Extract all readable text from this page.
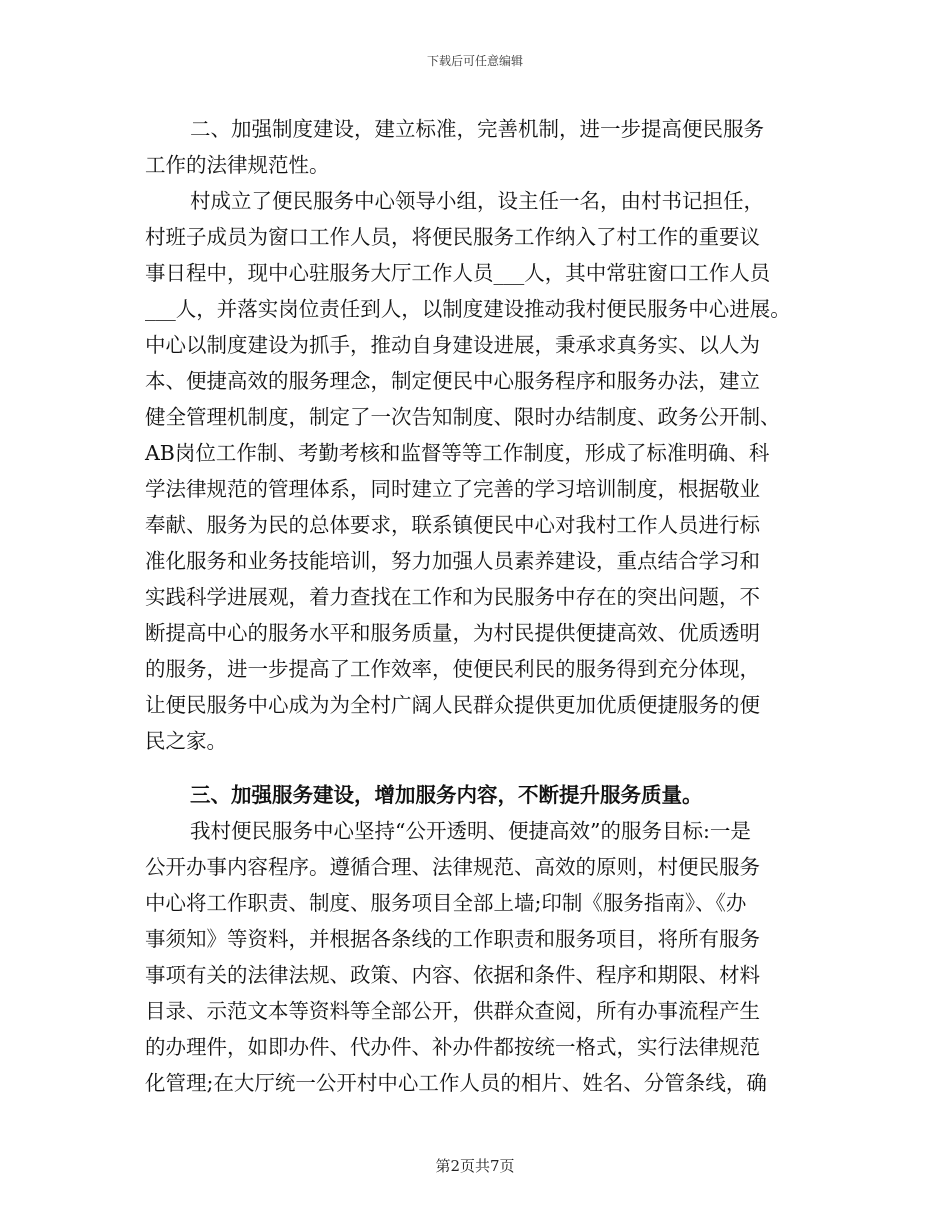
下载后可任意编辑
二、加强制度建设，建立标准，完善机制，进一步提高便民服务
工作的法律规范性。
村成立了便民服务中心领导小组，设主任一名，由村书记担任，
村班子成员为窗口工作人员，将便民服务工作纳入了村工作的重要议
事日程中，现中心驻服务大厅工作人员___人，其中常驻窗口工作人员
___人，并落实岗位责任到人，以制度建设推动我村便民服务中心进展。
中心以制度建设为抓手，推动自身建设进展，秉承求真务实、以人为
本、便捷高效的服务理念，制定便民中心服务程序和服务办法，建立
健全管理机制度，制定了一次告知制度、限时办结制度、政务公开制、
AB岗位工作制、考勤考核和监督等等工作制度，形成了标准明确、科
学法律规范的管理体系，同时建立了完善的学习培训制度，根据敬业
奉献、服务为民的总体要求，联系镇便民中心对我村工作人员进行标
准化服务和业务技能培训，努力加强人员素养建设，重点结合学习和
实践科学进展观，着力查找在工作和为民服务中存在的突出问题，不
断提高中心的服务水平和服务质量，为村民提供便捷高效、优质透明
的服务，进一步提高了工作效率，使便民利民的服务得到充分体现，
让便民服务中心成为为全村广阔人民群众提供更加优质便捷服务的便
民之家。
三、加强服务建设，增加服务内容，不断提升服务质量。
我村便民服务中心坚持“公开透明、便捷高效”的服务目标:一是
公开办事内容程序。遵循合理、法律规范、高效的原则，村便民服务
中心将工作职责、制度、服务项目全部上墙;印制《服务指南》、《办
事须知》等资料，并根据各条线的工作职责和服务项目，将所有服务
事项有关的法律法规、政策、内容、依据和条件、程序和期限、材料
目录、示范文本等资料等全部公开，供群众查阅，所有办事流程产生
的办理件，如即办件、代办件、补办件都按统一格式，实行法律规范
化管理;在大厅统一公开村中心工作人员的相片、姓名、分管条线，确
第2页共7页
